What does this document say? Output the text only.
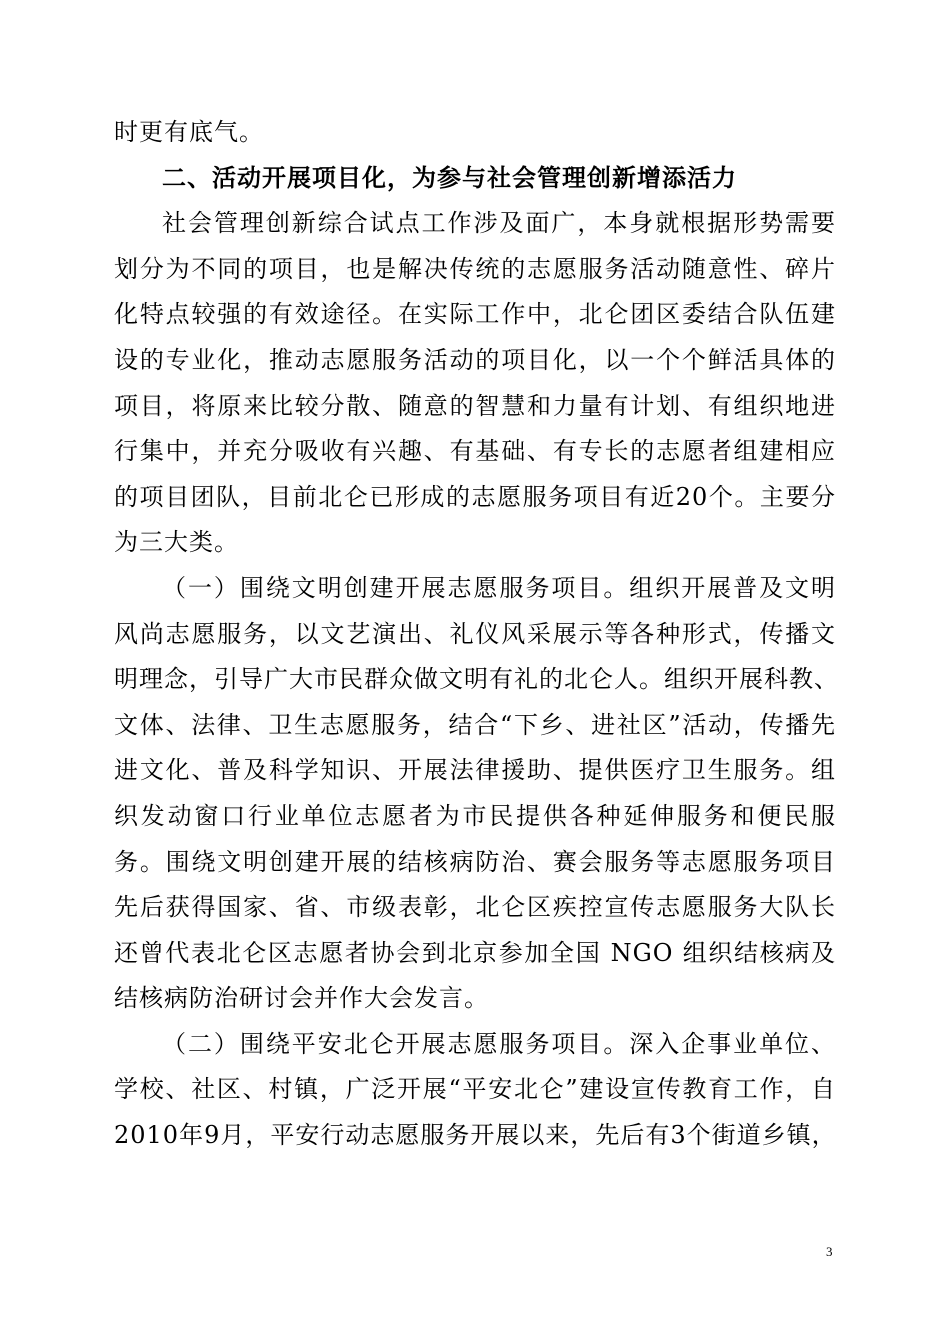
时更有底气。
二、活动开展项目化，为参与社会管理创新增添活力
社会管理创新综合试点工作涉及面广，本身就根据形势需要
划分为不同的项目，也是解决传统的志愿服务活动随意性、碎片
化特点较强的有效途径。在实际工作中，北仑团区委结合队伍建
设的专业化，推动志愿服务活动的项目化，以一个个鲜活具体的
项目，将原来比较分散、随意的智慧和力量有计划、有组织地进
行集中，并充分吸收有兴趣、有基础、有专长的志愿者组建相应
的项目团队，目前北仑已形成的志愿服务项目有近20个。主要分
为三大类。
（一）围绕文明创建开展志愿服务项目。组织开展普及文明
风尚志愿服务，以文艺演出、礼仪风采展示等各种形式，传播文
明理念，引导广大市民群众做文明有礼的北仑人。组织开展科教、
文体、法律、卫生志愿服务，结合“下乡、进社区”活动，传播先
进文化、普及科学知识、开展法律援助、提供医疗卫生服务。组
织发动窗口行业单位志愿者为市民提供各种延伸服务和便民服
务。围绕文明创建开展的结核病防治、赛会服务等志愿服务项目
先后获得国家、省、市级表彰，北仑区疾控宣传志愿服务大队长
还曾代表北仑区志愿者协会到北京参加全国 NGO 组织结核病及
结核病防治研讨会并作大会发言。
（二）围绕平安北仑开展志愿服务项目。深入企事业单位、
学校、社区、村镇，广泛开展“平安北仑”建设宣传教育工作，自
2010年9月，平安行动志愿服务开展以来，先后有3个街道乡镇，
3
